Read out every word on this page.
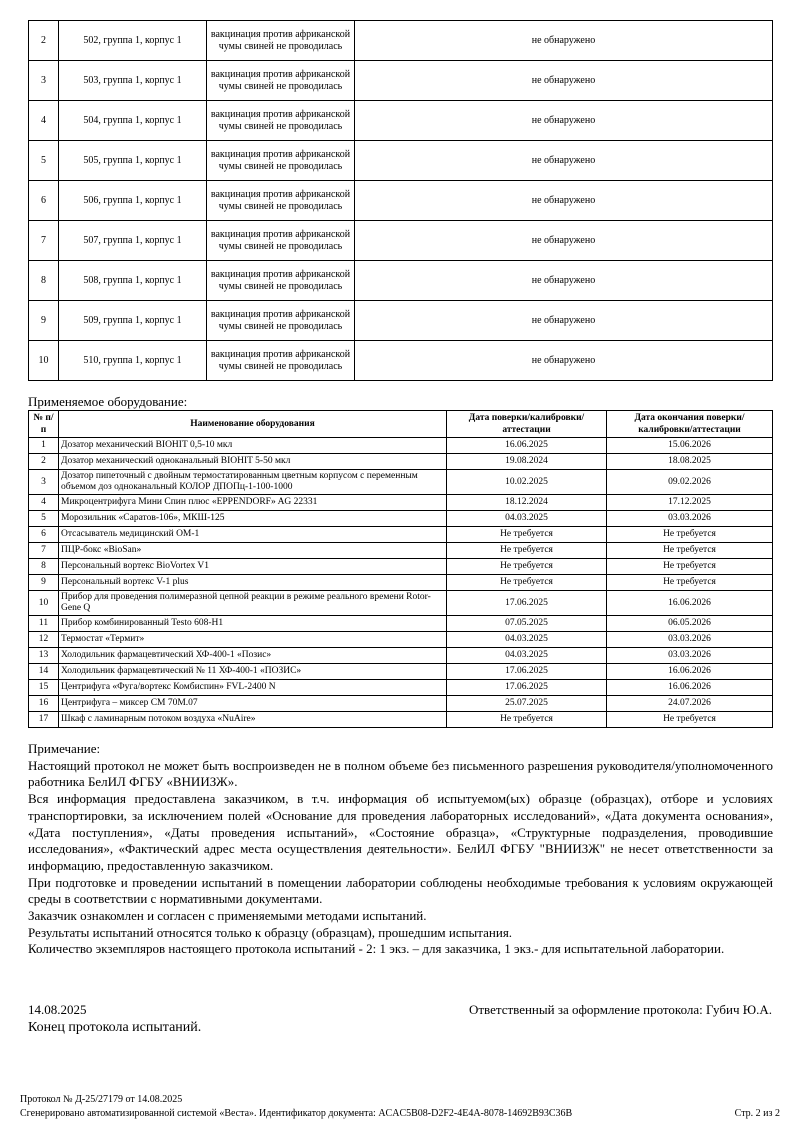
2	502, группа 1, корпус 1	вакцинация против африканской чумы свиней не проводилась	не обнаружено
3	503, группа 1, корпус 1	вакцинация против африканской чумы свиней не проводилась	не обнаружено
4	504, группа 1, корпус 1	вакцинация против африканской чумы свиней не проводилась	не обнаружено
5	505, группа 1, корпус 1	вакцинация против африканской чумы свиней не проводилась	не обнаружено
6	506, группа 1, корпус 1	вакцинация против африканской чумы свиней не проводилась	не обнаружено
7	507, группа 1, корпус 1	вакцинация против африканской чумы свиней не проводилась	не обнаружено
8	508, группа 1, корпус 1	вакцинация против африканской чумы свиней не проводилась	не обнаружено
9	509, группа 1, корпус 1	вакцинация против африканской чумы свиней не проводилась	не обнаружено
10	510, группа 1, корпус 1	вакцинация против африканской чумы свиней не проводилась	не обнаружено
Применяемое оборудование:
№ п/п	Наименование оборудования	Дата поверки/калибровки/аттестации	Дата окончания поверки/калибровки/аттестации
1	Дозатор механический BIOHIT 0,5-10 мкл	16.06.2025	15.06.2026
2	Дозатор механический одноканальный BIOHIT 5-50 мкл	19.08.2024	18.08.2025
3	Дозатор пипеточный с двойным термостатированным цветным корпусом с переменным объемом доз одноканальный КОЛОР ДПОПц-1-100-1000	10.02.2025	09.02.2026
4	Микроцентрифуга Мини Спин плюс «EPPENDORF» AG 22331	18.12.2024	17.12.2025
5	Морозильник «Саратов-106», МКШ-125	04.03.2025	03.03.2026
6	Отсасыватель медицинский ОМ-1	Не требуется	Не требуется
7	ПЦР-бокс «BioSan»	Не требуется	Не требуется
8	Персональный вортекс BioVortex V1	Не требуется	Не требуется
9	Персональный вортекс V-1 plus	Не требуется	Не требуется
10	Прибор для проведения полимеразной цепной реакции в режиме реального времени Rotor-Gene Q	17.06.2025	16.06.2026
11	Прибор комбинированный Testo 608-H1	07.05.2025	06.05.2026
12	Термостат «Термит»	04.03.2025	03.03.2026
13	Холодильник фармацевтический ХФ-400-1 «Позис»	04.03.2025	03.03.2026
14	Холодильник фармацевтический № 11 ХФ-400-1 «ПОЗИС»	17.06.2025	16.06.2026
15	Центрифуга «Фуга/вортекс Комбиспин» FVL-2400 N	17.06.2025	16.06.2026
16	Центрифуга – миксер СМ 70М.07	25.07.2025	24.07.2026
17	Шкаф с ламинарным потоком воздуха «NuAire»	Не требуется	Не требуется

Примечание:

Настоящий протокол не может быть воспроизведен не в полном объеме без письменного разрешения руководителя/уполномоченного работника БелИЛ ФГБУ «ВНИИЗЖ».

Вся информация предоставлена заказчиком, в т.ч. информация об испытуемом(ых) образце (образцах), отборе и условиях транспортировки, за исключением полей «Основание для проведения лабораторных исследований», «Дата документа основания», «Дата поступления», «Даты проведения испытаний», «Состояние образца», «Структурные подразделения, проводившие исследования», «Фактический адрес места осуществления деятельности». БелИЛ ФГБУ "ВНИИЗЖ" не несет ответственности за информацию, предоставленную заказчиком.

При подготовке и проведении испытаний в помещении лаборатории соблюдены необходимые требования к условиям окружающей среды в соответствии с нормативными документами.

Заказчик ознакомлен и согласен с применяемыми методами испытаний.

Результаты испытаний относятся только к образцу (образцам), прошедшим испытания.

Количество экземпляров настоящего протокола испытаний - 2: 1 экз. – для заказчика, 1 экз.- для испытательной лаборатории.

14.08.2025	Ответственный за оформление протокола: Губич Ю.А.
Конец протокола испытаний.
Протокол № Д-25/27179 от 14.08.2025
Сгенерировано автоматизированной системой «Веста». Идентификатор документа: ACAC5B08-D2F2-4E4A-8078-14692B93C36B	Стр. 2 из 2
